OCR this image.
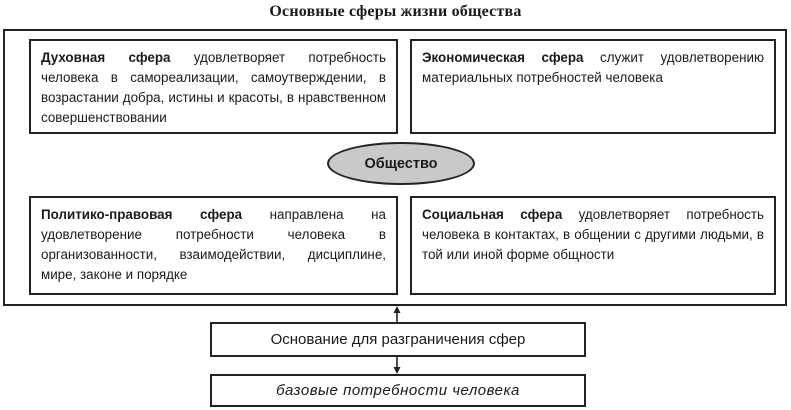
Основные сферы жизни общества
Духовная сфера удовлетворяет потребность человека в самореализации, самоутверждении, в возрастании добра, истины и красоты, в нравственном совершенствовании
Экономическая сфера служит удовлетворению материальных потребностей человека
Общество
Политико-правовая сфера направлена на удовлетворение потребности человека в организованности, взаимодействии, дисциплине, мире, законе и порядке
Социальная сфера удовлетворяет потребность человека в контактах, в общении с другими людьми, в той или иной форме общности
Основание для разграничения сфер
базовые потребности человека
